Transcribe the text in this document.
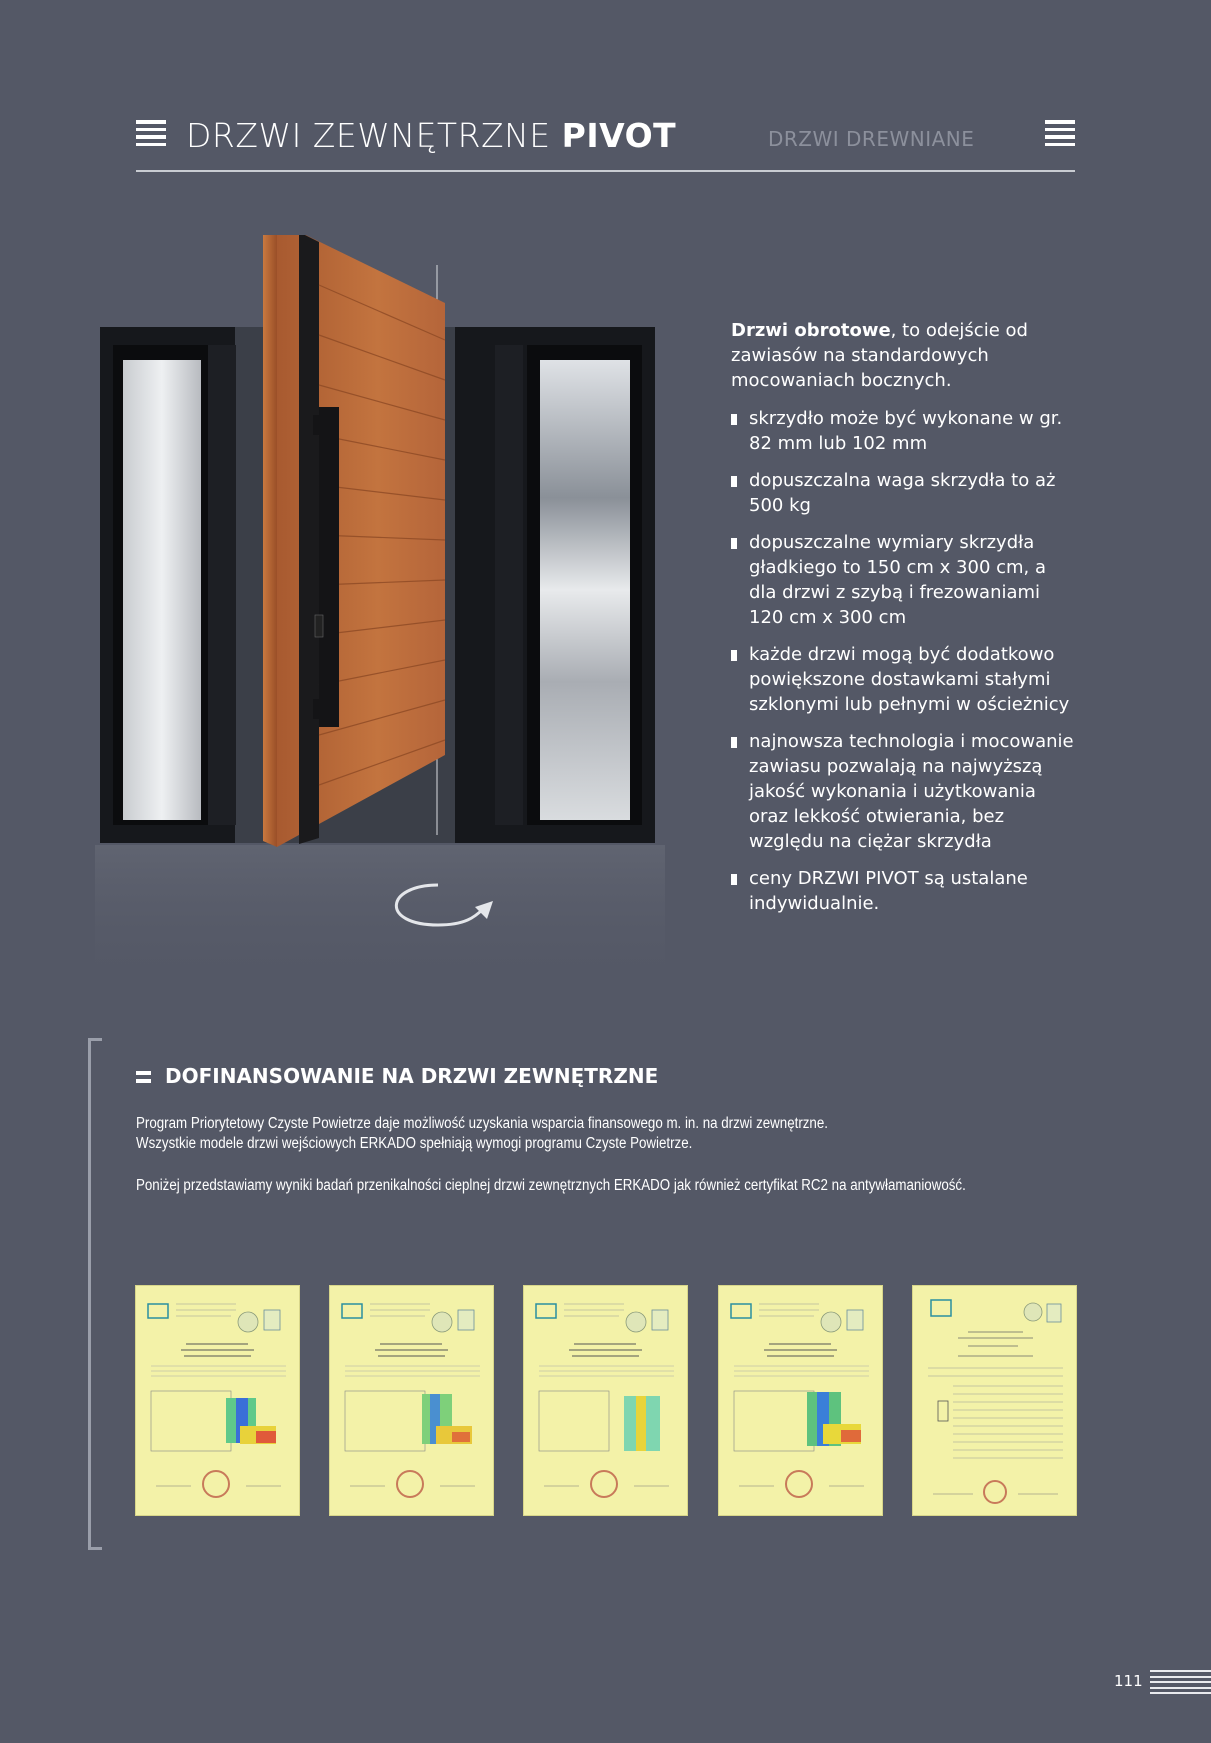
DRZWI ZEWNĘTRZNE PIVOT	DRZWI DREWNIANE
Drzwi obrotowe, to odejście od zawiasów na standardowych mocowaniach bocznych.
skrzydło może być wykonane w gr. 82 mm lub 102 mm
dopuszczalna waga skrzydła to aż 500 kg
dopuszczalne wymiary skrzydła gładkiego to 150 cm x 300 cm, a dla drzwi z szybą i frezowaniami 120 cm x 300 cm
każde drzwi mogą być dodatkowo powiększone dostawkami stałymi szklonymi lub pełnymi w ościeżnicy
najnowsza technologia i mocowanie zawiasu pozwalają na najwyższą jakość wykonania i użytkowania oraz lekkość otwierania, bez względu na ciężar skrzydła
ceny DRZWI PIVOT są ustalane indywidualnie.
DOFINANSOWANIE NA DRZWI ZEWNĘTRZNE
Program Priorytetowy Czyste Powietrze daje możliwość uzyskania wsparcia finansowego m. in. na drzwi zewnętrzne.
Wszystkie modele drzwi wejściowych ERKADO spełniają wymogi programu Czyste Powietrze.
Poniżej przedstawiamy wyniki badań przenikalności cieplnej drzwi zewnętrznych ERKADO jak również certyfikat RC2 na antywłamaniowość.
111
